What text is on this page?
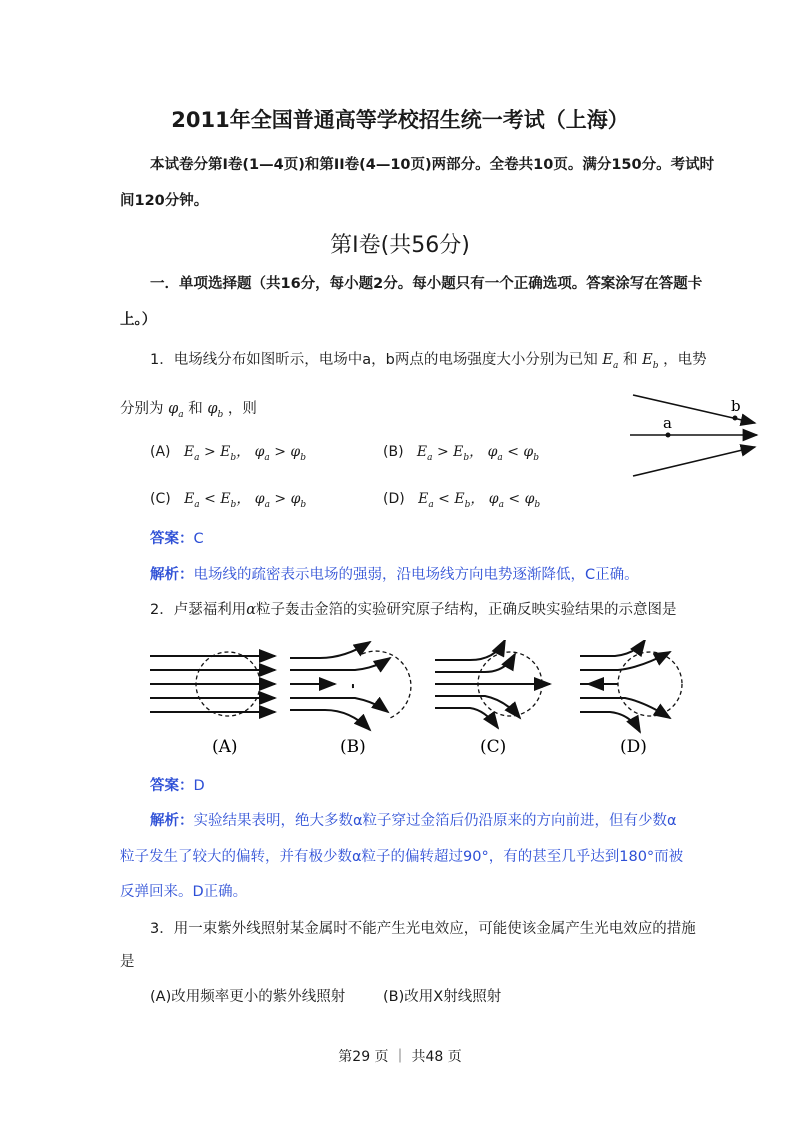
2011年全国普通高等学校招生统一考试（上海）
本试卷分第I卷(1—4页)和第II卷(4—10页)两部分。全卷共10页。满分150分。考试时
间120分钟。
第I卷(共56分)
一．单项选择题（共16分，每小题2分。每小题只有一个正确选项。答案涂写在答题卡
上。）
1．电场线分布如图昕示，电场中a，b两点的电场强度大小分别为已知 $E_a$ 和 $E_b$ ，电势
分别为 $\varphi_a$ 和 $\varphi_b$ ，则
a
b
(A) $E_a > E_b$， $\varphi_a > \varphi_b$	(B) $E_a > E_b$， $\varphi_a < \varphi_b$
(C) $E_a < E_b$， $\varphi_a > \varphi_b$	(D) $E_a < E_b$， $\varphi_a < \varphi_b$
答案：C
解析：电场线的疏密表示电场的强弱，沿电场线方向电势逐渐降低，C正确。
2．卢瑟福利用α粒子轰击金箔的实验研究原子结构，正确反映实验结果的示意图是
(A)	(B)	(C)	(D)
答案：D
解析：实验结果表明，绝大多数α粒子穿过金箔后仍沿原来的方向前进，但有少数α
粒子发生了较大的偏转，并有极少数α粒子的偏转超过90°，有的甚至几乎达到180°而被
反弹回来。D正确。
3．用一束紫外线照射某金属时不能产生光电效应，可能使该金属产生光电效应的措施
是
(A)改用频率更小的紫外线照射	(B)改用X射线照射
第29 页 ｜ 共48 页
